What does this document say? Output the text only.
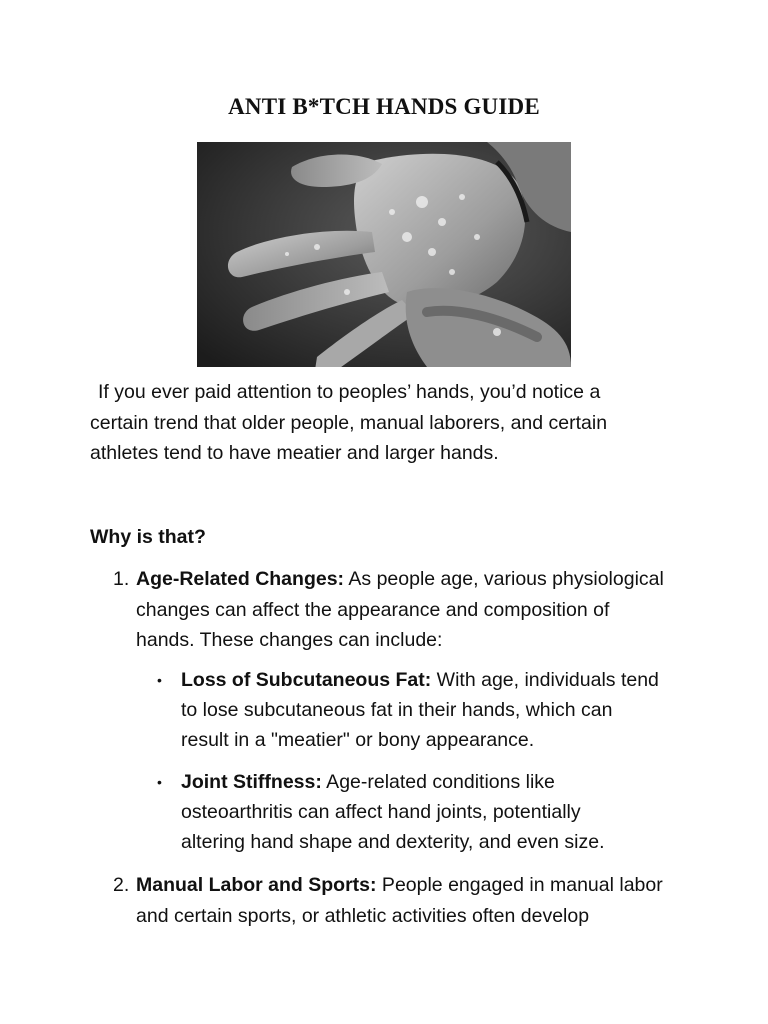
ANTI B*TCH HANDS GUIDE
If you ever paid attention to peoples’ hands, you’d notice a
certain trend that older people, manual laborers, and certain
athletes tend to have meatier and larger hands.
Why is that?
1. Age-Related Changes: As people age, various physiological
changes can affect the appearance and composition of
hands. These changes can include:
• Loss of Subcutaneous Fat: With age, individuals tend
to lose subcutaneous fat in their hands, which can
result in a "meatier" or bony appearance.
• Joint Stiffness: Age-related conditions like
osteoarthritis can affect hand joints, potentially
altering hand shape and dexterity, and even size.
2. Manual Labor and Sports: People engaged in manual labor
and certain sports, or athletic activities often develop
